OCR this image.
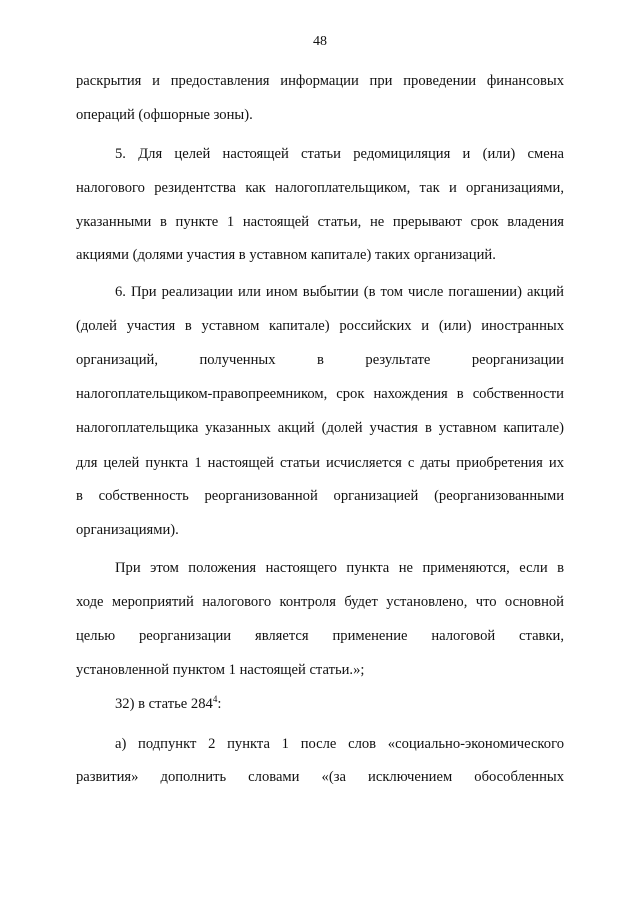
48
раскрытия и предоставления информации при проведении финансовых
операций (офшорные зоны).
5. Для целей настоящей статьи редомициляция и (или) смена
налогового резидентства как налогоплательщиком, так и организациями,
указанными в пункте 1 настоящей статьи, не прерывают срок владения
акциями (долями участия в уставном капитале) таких организаций.
6. При реализации или ином выбытии (в том числе погашении) акций
(долей участия в уставном капитале) российских и (или) иностранных
организаций, полученных в результате реорганизации
налогоплательщиком-правопреемником, срок нахождения в собственности
налогоплательщика указанных акций (долей участия в уставном капитале)
для целей пункта 1 настоящей статьи исчисляется с даты приобретения их
в собственность реорганизованной организацией (реорганизованными
организациями).
При этом положения настоящего пункта не применяются, если в
ходе мероприятий налогового контроля будет установлено, что основной
целью реорганизации является применение налоговой ставки,
установленной пунктом 1 настоящей статьи.»;
32) в статье $284^4$:
а) подпункт 2 пункта 1 после слов «социально-экономического
развития» дополнить словами «(за исключением обособленных
